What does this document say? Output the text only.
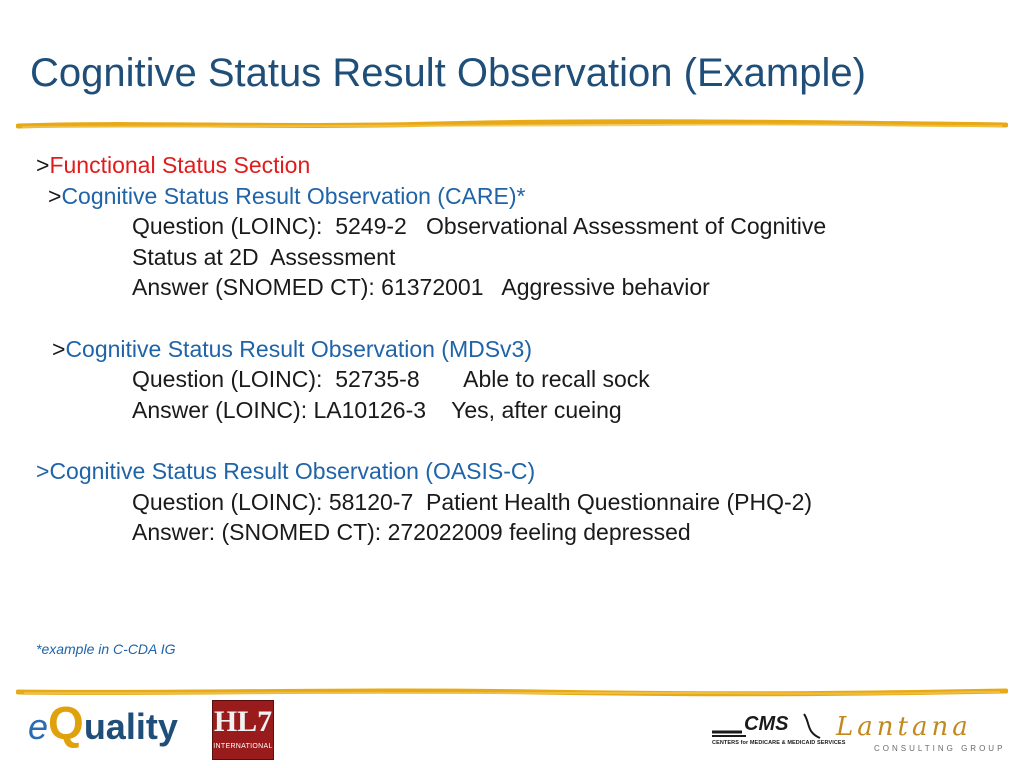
Cognitive Status Result Observation (Example)
>Functional Status Section
>Cognitive Status Result Observation (CARE)*
Question (LOINC):  5249-2   Observational Assessment of Cognitive
Status at 2D  Assessment
Answer (SNOMED CT): 61372001   Aggressive behavior
>Cognitive Status Result Observation (MDSv3)
Question (LOINC):  52735-8       Able to recall sock
Answer (LOINC): LA10126-3    Yes, after cueing
>Cognitive Status Result Observation (OASIS-C)
Question (LOINC): 58120-7  Patient Health Questionnaire (PHQ-2)
Answer: (SNOMED CT): 272022009 feeling depressed
*example in C-CDA IG
eQuality HL7
INTERNATIONAL
CMS
CENTERS for MEDICARE & MEDICAID SERVICES
Lantana
CONSULTING GROUP
